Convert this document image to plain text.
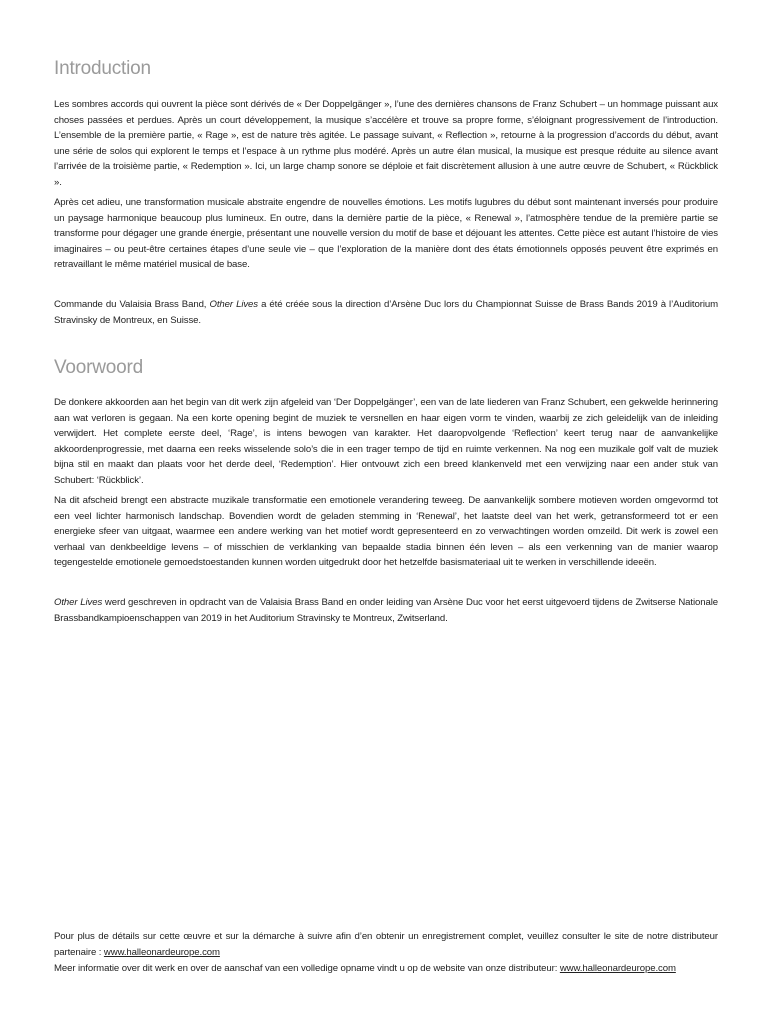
Introduction

Les sombres accords qui ouvrent la pièce sont dérivés de « Der Doppelgänger », l’une des dernières chansons de Franz Schubert – un hommage puissant aux choses passées et perdues. Après un court développement, la musique s’accélère et trouve sa propre forme, s’éloignant progressivement de l’introduction. L’ensemble de la première partie, « Rage », est de nature très agitée. Le passage suivant, « Reflection », retourne à la progression d’accords du début, avant une série de solos qui explorent le temps et l’espace à un rythme plus modéré. Après un autre élan musical, la musique est presque réduite au silence avant l’arrivée de la troisième partie, « Redemption ». Ici, un large champ sonore se déploie et fait discrètement allusion à une autre œuvre de Schubert, « Rückblick ».

Après cet adieu, une transformation musicale abstraite engendre de nouvelles émotions. Les motifs lugubres du début sont maintenant inversés pour produire un paysage harmonique beaucoup plus lumineux. En outre, dans la dernière partie de la pièce, « Renewal », l’atmosphère tendue de la première partie se transforme pour dégager une grande énergie, présentant une nouvelle version du motif de base et déjouant les attentes. Cette pièce est autant l’histoire de vies imaginaires – ou peut-être certaines étapes d’une seule vie – que l’exploration de la manière dont des états émotionnels opposés peuvent être exprimés en retravaillant le même matériel musical de base.

Commande du Valaisia Brass Band, Other Lives a été créée sous la direction d’Arsène Duc lors du Championnat Suisse de Brass Bands 2019 à l’Auditorium Stravinsky de Montreux, en Suisse.

Voorwoord

De donkere akkoorden aan het begin van dit werk zijn afgeleid van ‘Der Doppelgänger’, een van de late liederen van Franz Schubert, een gekwelde herinnering aan wat verloren is gegaan. Na een korte opening begint de muziek te versnellen en haar eigen vorm te vinden, waarbij ze zich geleidelijk van de inleiding verwijdert. Het complete eerste deel, ‘Rage’, is intens bewogen van karakter. Het daaropvolgende ‘Reflection’ keert terug naar de aanvankelijke akkoordenprogressie, met daarna een reeks wisselende solo’s die in een trager tempo de tijd en ruimte verkennen. Na nog een muzikale golf valt de muziek bijna stil en maakt dan plaats voor het derde deel, ‘Redemption’. Hier ontvouwt zich een breed klankenveld met een verwijzing naar een ander stuk van Schubert: ‘Rückblick’.

Na dit afscheid brengt een abstracte muzikale transformatie een emotionele verandering teweeg. De aanvankelijk sombere motieven worden omgevormd tot een veel lichter harmonisch landschap. Bovendien wordt de geladen stemming in ‘Renewal’, het laatste deel van het werk, getransformeerd tot er een energieke sfeer van uitgaat, waarmee een andere werking van het motief wordt gepresenteerd en zo verwachtingen worden omzeild. Dit werk is zowel een verhaal van denkbeeldige levens – of misschien de verklanking van bepaalde stadia binnen één leven – als een verkenning van de manier waarop tegengestelde emotionele gemoedstoestanden kunnen worden uitgedrukt door het hetzelfde basismateriaal uit te werken in verschillende ideeën.

Other Lives werd geschreven in opdracht van de Valaisia Brass Band en onder leiding van Arsène Duc voor het eerst uitgevoerd tijdens de Zwitserse Nationale Brassbandkampioenschappen van 2019 in het Auditorium Stravinsky te Montreux, Zwitserland.

Pour plus de détails sur cette œuvre et sur la démarche à suivre afin d’en obtenir un enregistrement complet, veuillez consulter le site de notre distributeur partenaire : www.halleonardeurope.com

Meer informatie over dit werk en over de aanschaf van een volledige opname vindt u op de website van onze distributeur: www.halleonardeurope.com
